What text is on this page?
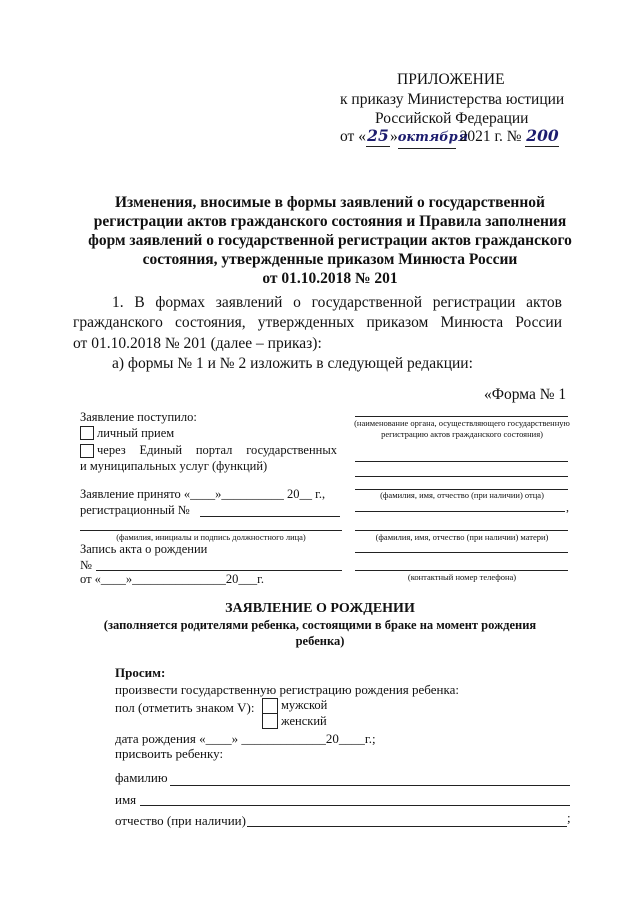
ПРИЛОЖЕНИЕ
к приказу Министерства юстиции
Российской Федерации
от «25»октября 2021 г. № 200
Изменения, вносимые в формы заявлений о государственной
регистрации актов гражданского состояния и Правила заполнения
форм заявлений о государственной регистрации актов гражданского
состояния, утвержденные приказом Минюста России
от 01.10.2018 № 201
1. В формах заявлений о государственной регистрации актов
гражданского состояния, утвержденных приказом Минюста России
от 01.10.2018 № 201 (далее – приказ):
а) формы № 1 и № 2 изложить в следующей редакции:
«Форма № 1
Заявление поступило:
личный прием
через Единый портал государственных
и муниципальных услуг (функций)
Заявление принято «____»__________ 20__ г.,
регистрационный №
(фамилия, инициалы и подпись должностного лица)
Запись акта о рождении
№
от «____»_______________20___г.
(наименование органа, осуществляющего государственную регистрацию актов гражданского состояния)
(фамилия, имя, отчество (при наличии) отца)
,
(фамилия, имя, отчество (при наличии) матери)
(контактный номер телефона)
ЗАЯВЛЕНИЕ О РОЖДЕНИИ
(заполняется родителями ребенка, состоящими в браке на момент рождения
ребенка)
Просим:
произвести государственную регистрацию рождения ребенка:
пол (отметить знаком V): мужской
женский
дата рождения «____» _____________20____г.;
присвоить ребенку:
фамилию
имя
отчество (при наличии)	;
